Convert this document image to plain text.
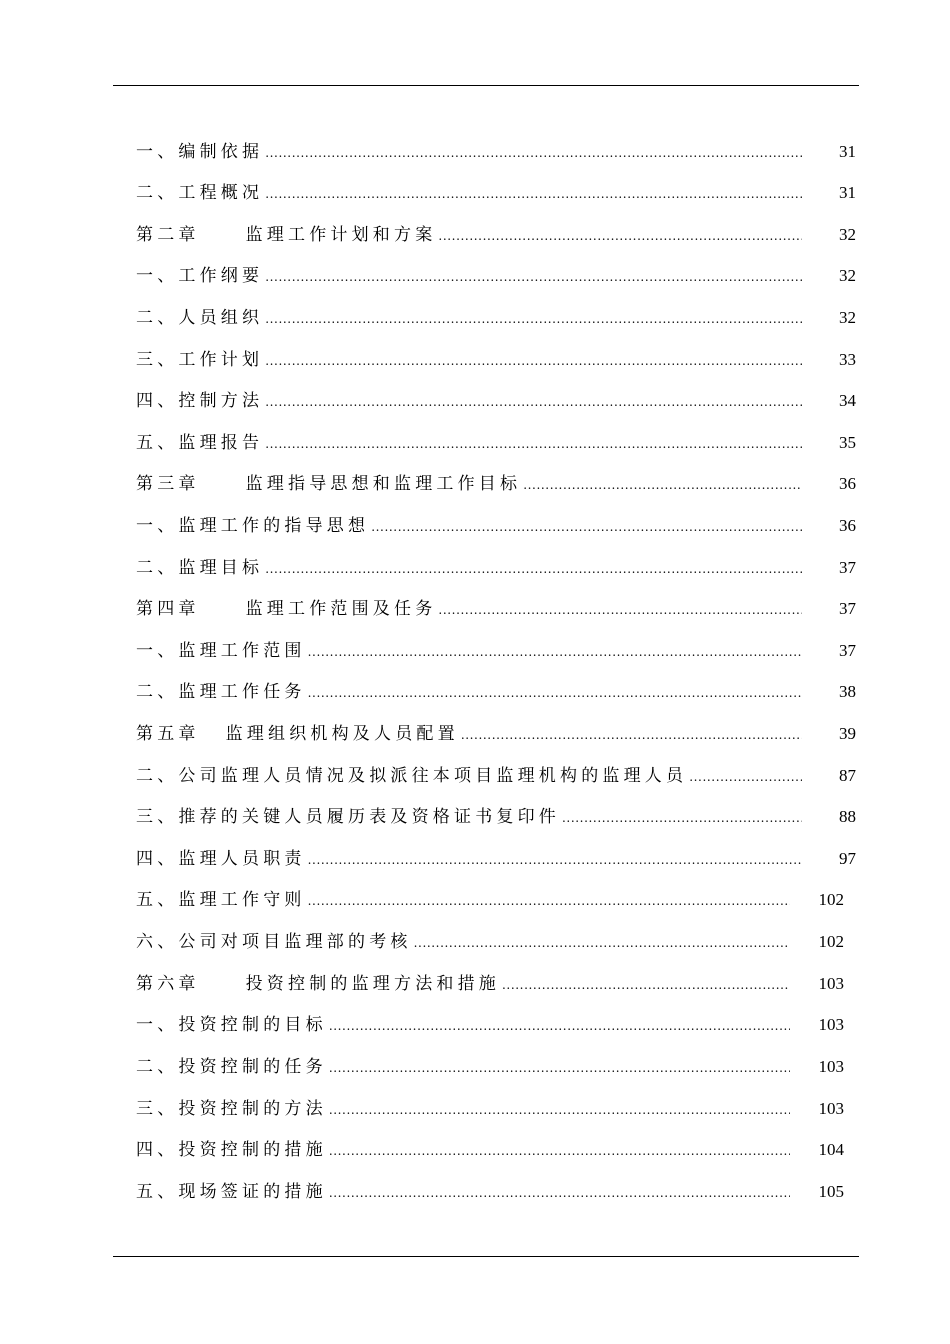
一、编制依据 .....	31
二、工程概况 .....	31
第二章	监理工作计划和方案 .....	32
一、工作纲要 .....	32
二、人员组织 .....	32
三、工作计划 .....	33
四、控制方法 .....	34
五、监理报告 .....	35
第三章	监理指导思想和监理工作目标 .....	36
一、监理工作的指导思想 .....	36
二、监理目标 .....	37
第四章	监理工作范围及任务 .....	37
一、监理工作范围 .....	37
二、监理工作任务 .....	38
第五章 监理组织机构及人员配置 .....	39
二、公司监理人员情况及拟派往本项目监理机构的监理人员 .....	87
三、推荐的关键人员履历表及资格证书复印件 .....	88
四、监理人员职责 .....	97
五、监理工作守则 .....	102
六、公司对项目监理部的考核 .....	102
第六章	投资控制的监理方法和措施 .....	103
一、投资控制的目标 .....	103
二、投资控制的任务 .....	103
三、投资控制的方法 .....	103
四、投资控制的措施 .....	104
五、现场签证的措施 .....	105
